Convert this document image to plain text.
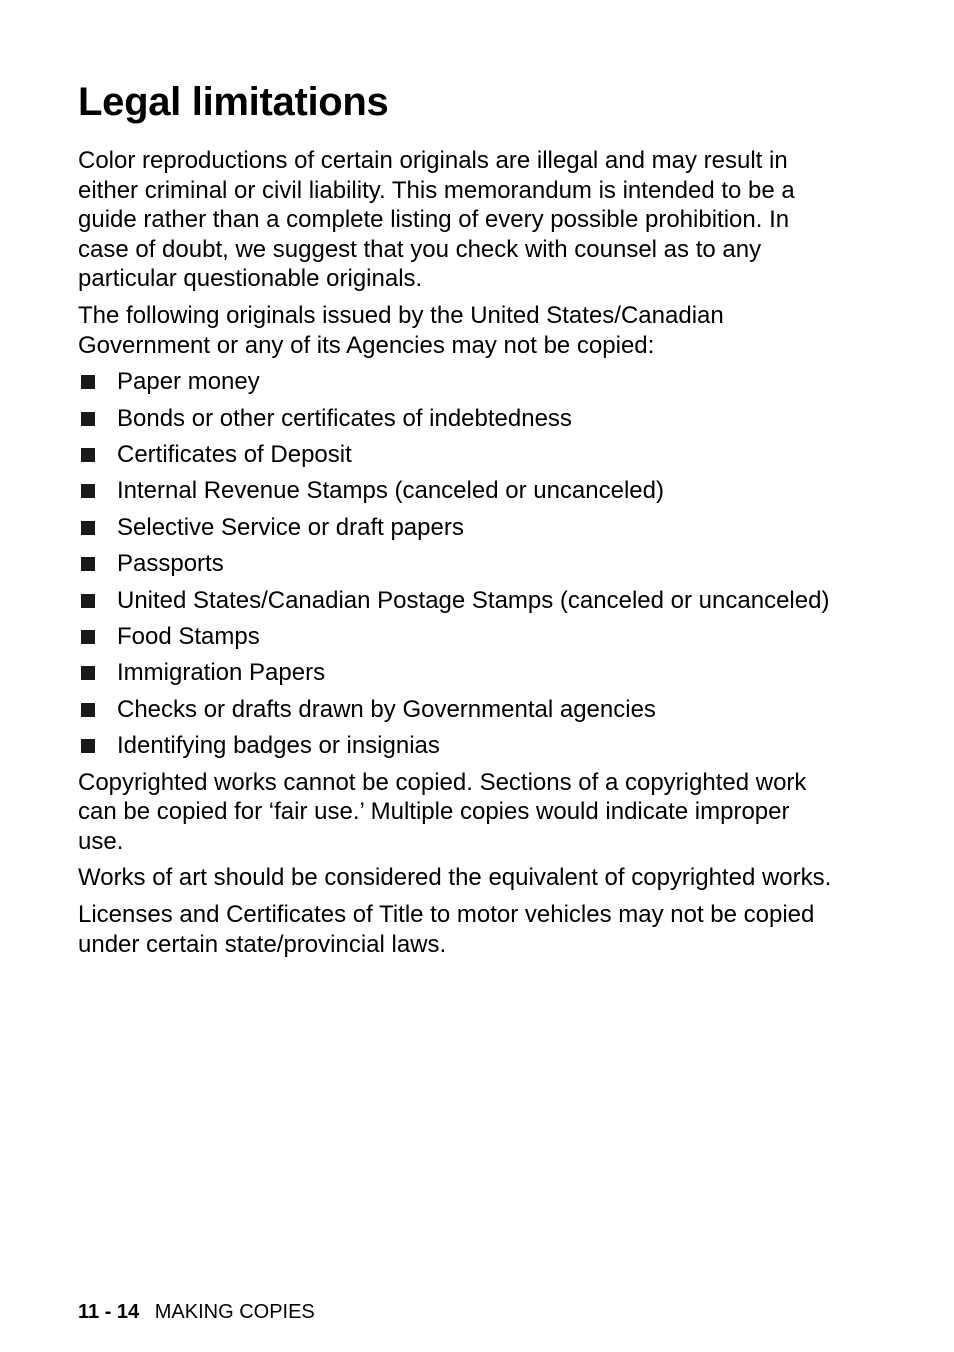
Legal limitations

Color reproductions of certain originals are illegal and may result in either criminal or civil liability. This memorandum is intended to be a guide rather than a complete listing of every possible prohibition. In case of doubt, we suggest that you check with counsel as to any particular questionable originals.

The following originals issued by the United States/Canadian Government or any of its Agencies may not be copied:

Paper money
Bonds or other certificates of indebtedness
Certificates of Deposit
Internal Revenue Stamps (canceled or uncanceled)
Selective Service or draft papers
Passports
United States/Canadian Postage Stamps (canceled or uncanceled)
Food Stamps
Immigration Papers
Checks or drafts drawn by Governmental agencies
Identifying badges or insignias

Copyrighted works cannot be copied. Sections of a copyrighted work can be copied for ‘fair use.’ Multiple copies would indicate improper use.

Works of art should be considered the equivalent of copyrighted works.

Licenses and Certificates of Title to motor vehicles may not be copied under certain state/provincial laws.

11 - 14 MAKING COPIES
